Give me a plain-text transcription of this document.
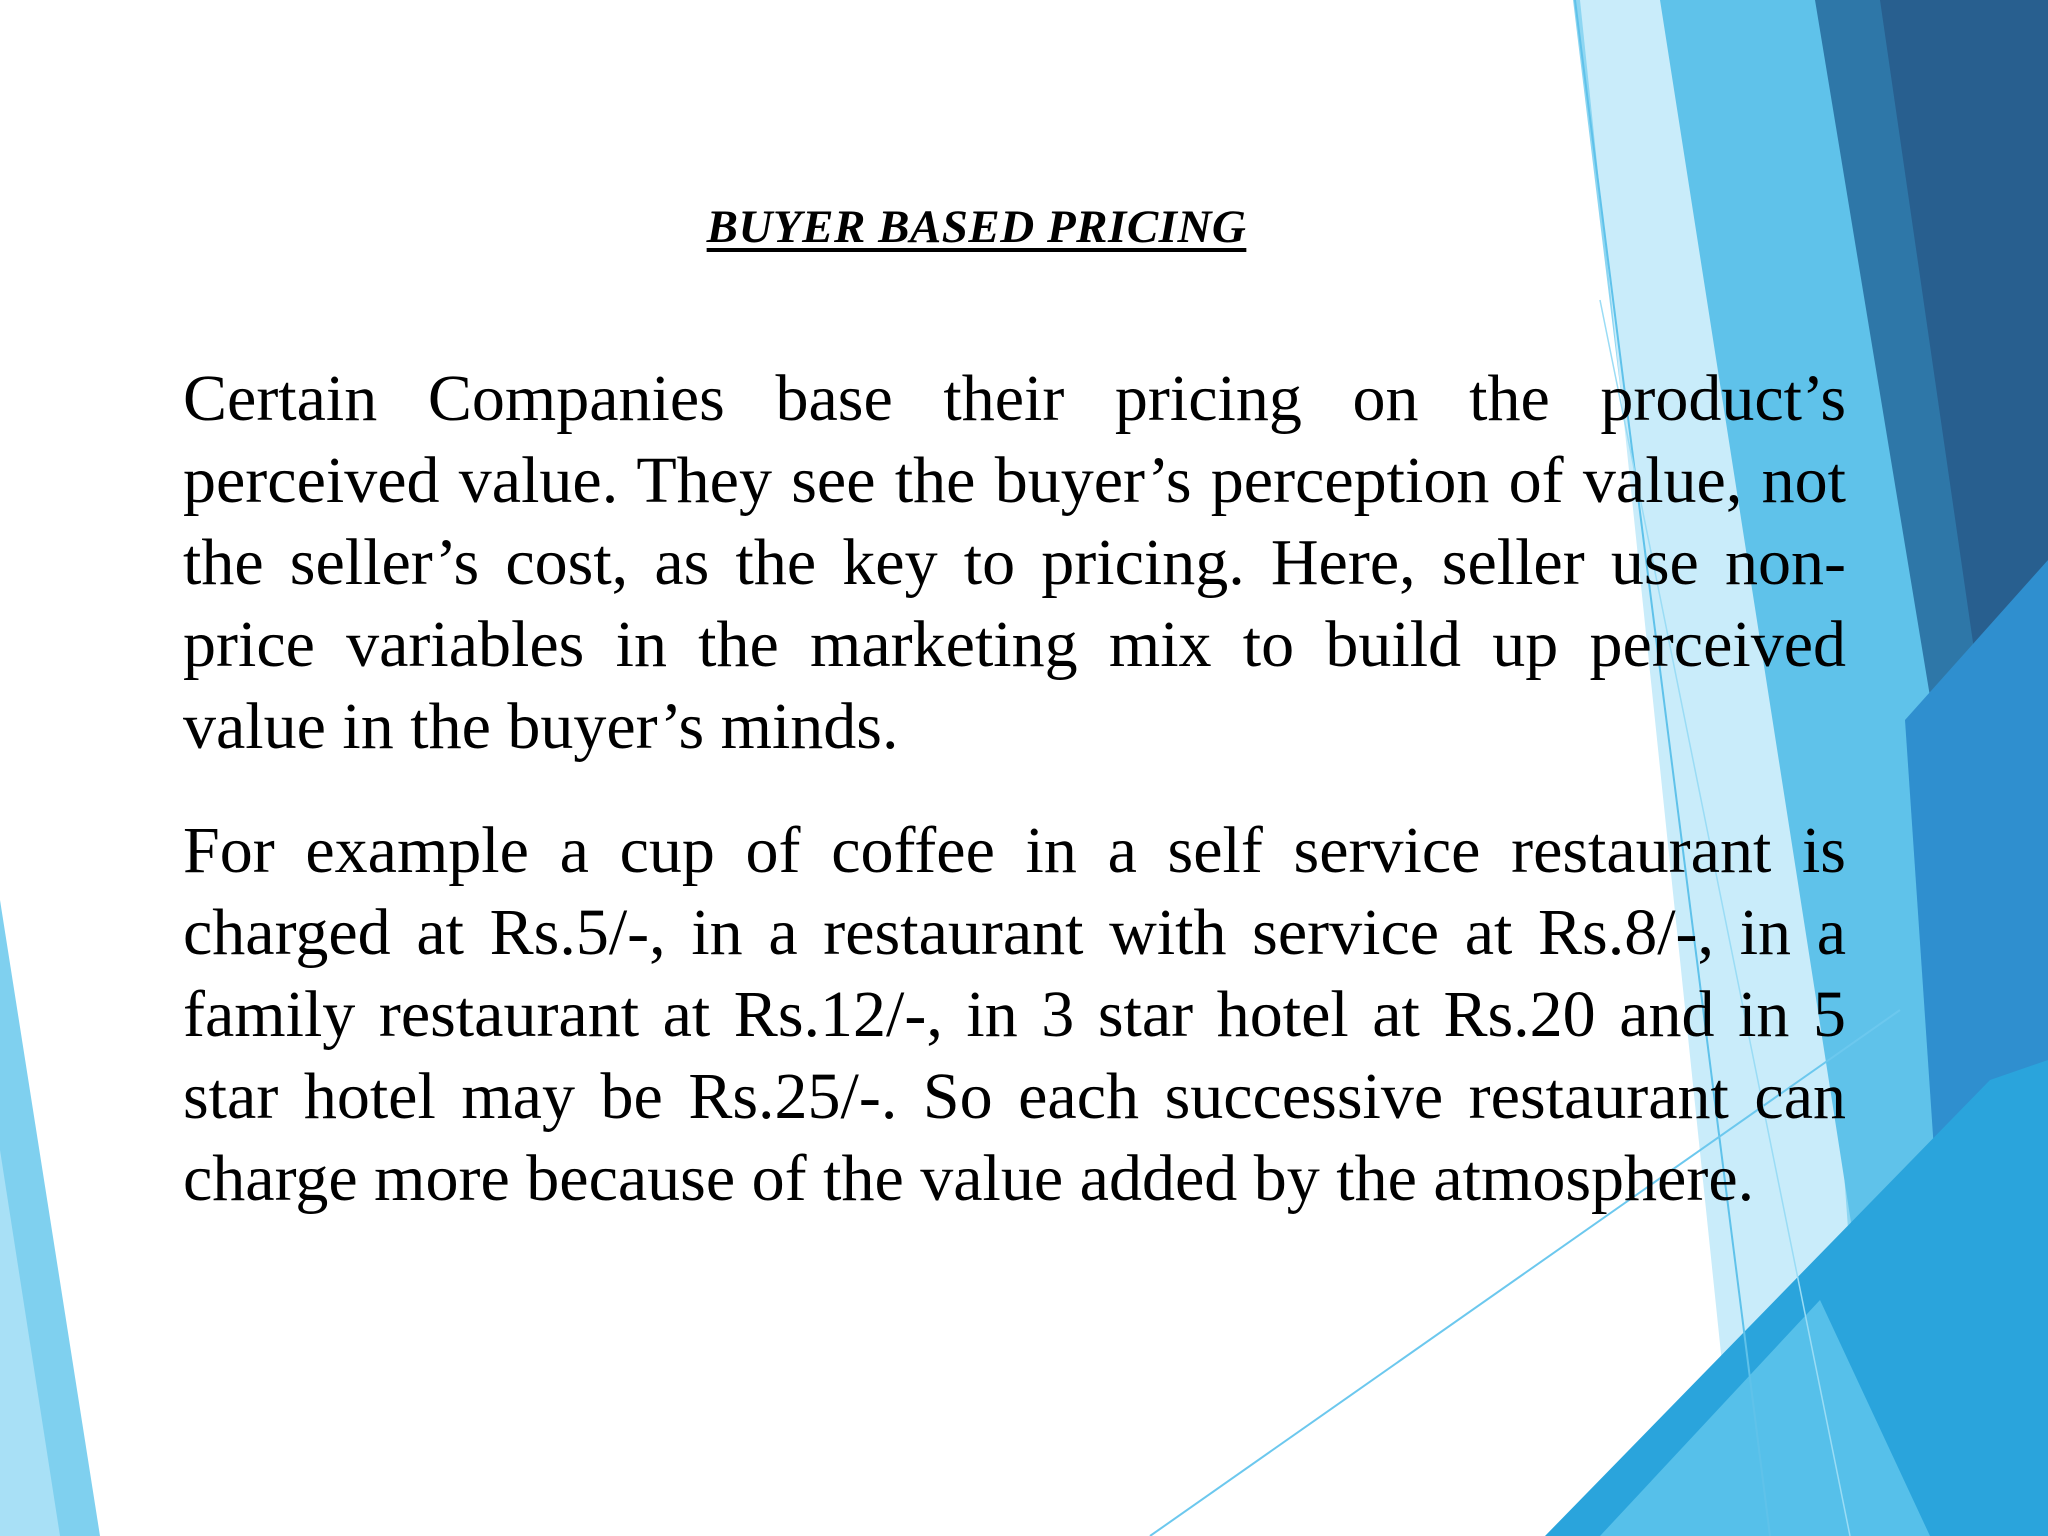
BUYER BASED PRICING

Certain Companies base their pricing on the product’s perceived value. They see the buyer’s perception of value, not the seller’s cost, as the key to pricing. Here, seller use non-price variables in the marketing mix to build up perceived value in the buyer’s minds.

For example a cup of coffee in a self service restaurant is charged at Rs.5/-, in a restaurant with service at Rs.8/-, in a family restaurant at Rs.12/-, in 3 star hotel at Rs.20 and in 5 star hotel may be Rs.25/-. So each successive restaurant can charge more because of the value added by the atmosphere.
